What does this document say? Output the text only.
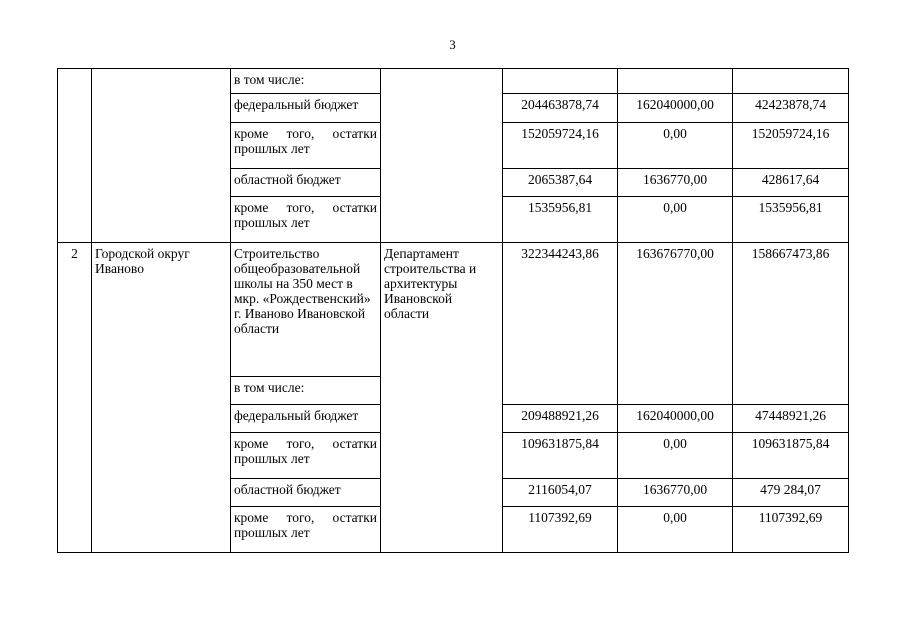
3
		в том числе:				
		федеральный бюджет		204463878,74	162040000,00	42423878,74
		кроме того, остатки прошлых лет		152059724,16	0,00	152059724,16
		областной бюджет		2065387,64	1636770,00	428617,64
		кроме того, остатки прошлых лет		1535956,81	0,00	1535956,81
2	Городской округ Иваново	Строительство общеобразовательной школы на 350 мест в мкр. «Рождественский» г. Иваново Ивановской области	Департамент строительства и архитектуры Ивановской области	322344243,86	163676770,00	158667473,86
		в том числе:				
		федеральный бюджет		209488921,26	162040000,00	47448921,26
		кроме того, остатки прошлых лет		109631875,84	0,00	109631875,84
		областной бюджет		2116054,07	1636770,00	479 284,07
		кроме того, остатки прошлых лет		1107392,69	0,00	1107392,69
